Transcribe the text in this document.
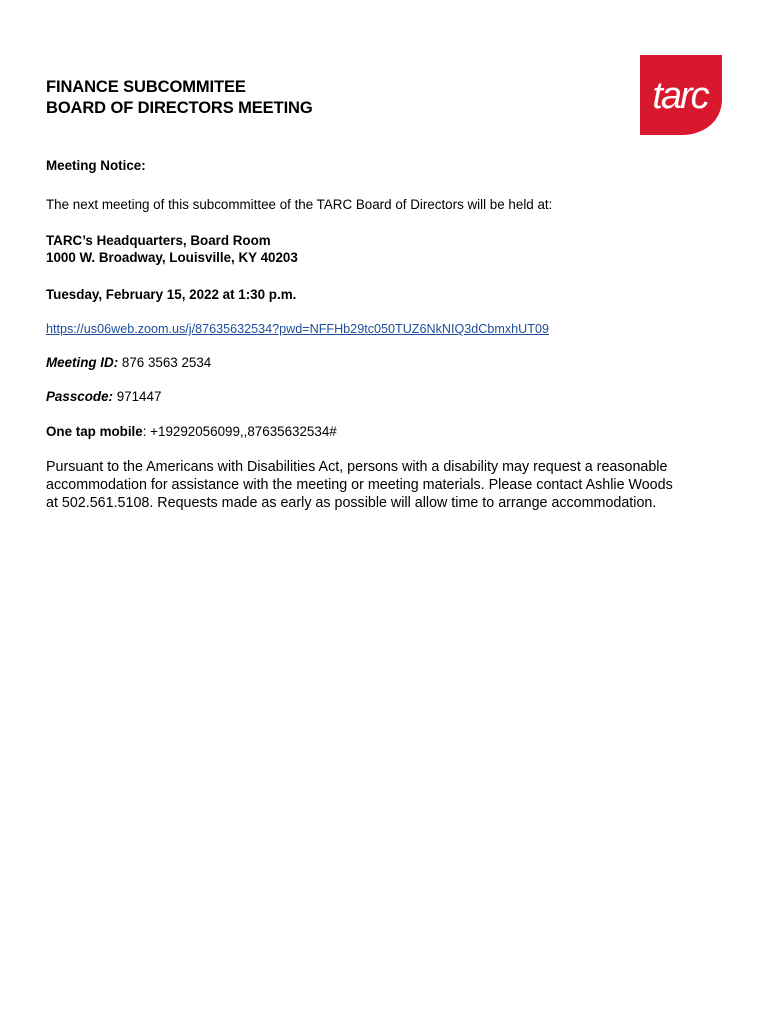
FINANCE SUBCOMMITEE
BOARD OF DIRECTORS MEETING	tarc
Meeting Notice:
The next meeting of this subcommittee of the TARC Board of Directors will be held at:
TARC’s Headquarters, Board Room
1000 W. Broadway, Louisville, KY 40203
Tuesday, February 15, 2022 at 1:30 p.m.
https://us06web.zoom.us/j/87635632534?pwd=NFFHb29tc050TUZ6NkNIQ3dCbmxhUT09
Meeting ID: 876 3563 2534
Passcode: 971447
One tap mobile: +19292056099,,87635632534#
Pursuant to the Americans with Disabilities Act, persons with a disability may request a reasonable
accommodation for assistance with the meeting or meeting materials. Please contact Ashlie Woods
at 502.561.5108. Requests made as early as possible will allow time to arrange accommodation.
